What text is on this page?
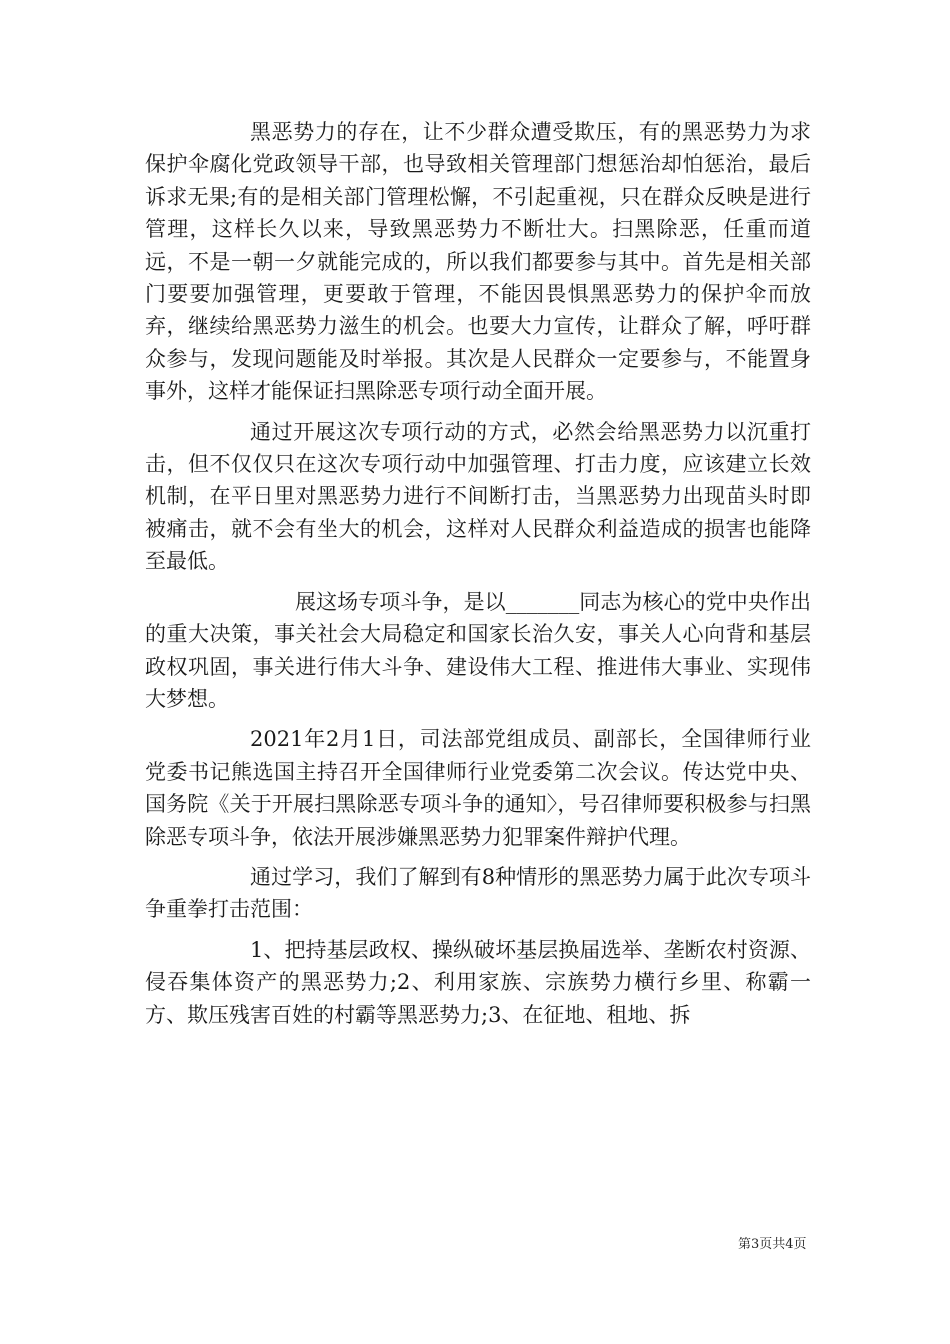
黑恶势力的存在，让不少群众遭受欺压，有的黑恶势力为求保护伞腐化党政领导干部，也导致相关管理部门想惩治却怕惩治，最后诉求无果;有的是相关部门管理松懈，不引起重视，只在群众反映是进行管理，这样长久以来，导致黑恶势力不断壮大。扫黑除恶，任重而道远，不是一朝一夕就能完成的，所以我们都要参与其中。首先是相关部门要要加强管理，更要敢于管理，不能因畏惧黑恶势力的保护伞而放弃，继续给黑恶势力滋生的机会。也要大力宣传，让群众了解，呼吁群众参与，发现问题能及时举报。其次是人民群众一定要参与，不能置身事外，这样才能保证扫黑除恶专项行动全面开展。

通过开展这次专项行动的方式，必然会给黑恶势力以沉重打击，但不仅仅只在这次专项行动中加强管理、打击力度，应该建立长效机制，在平日里对黑恶势力进行不间断打击，当黑恶势力出现苗头时即被痛击，就不会有坐大的机会，这样对人民群众利益造成的损害也能降至最低。

展这场专项斗争，是以_______同志为核心的党中央作出的重大决策，事关社会大局稳定和国家长治久安，事关人心向背和基层政权巩固，事关进行伟大斗争、建设伟大工程、推进伟大事业、实现伟大梦想。

2021年2月1日，司法部党组成员、副部长，全国律师行业党委书记熊选国主持召开全国律师行业党委第二次会议。传达党中央、国务院《关于开展扫黑除恶专项斗争的通知〉，号召律师要积极参与扫黑除恶专项斗争，依法开展涉嫌黑恶势力犯罪案件辩护代理。

通过学习，我们了解到有8种情形的黑恶势力属于此次专项斗争重拳打击范围：

1、把持基层政权、操纵破坏基层换届选举、垄断农村资源、侵吞集体资产的黑恶势力;2、利用家族、宗族势力横行乡里、称霸一方、欺压残害百姓的村霸等黑恶势力;3、在征地、租地、拆

第3页共4页
